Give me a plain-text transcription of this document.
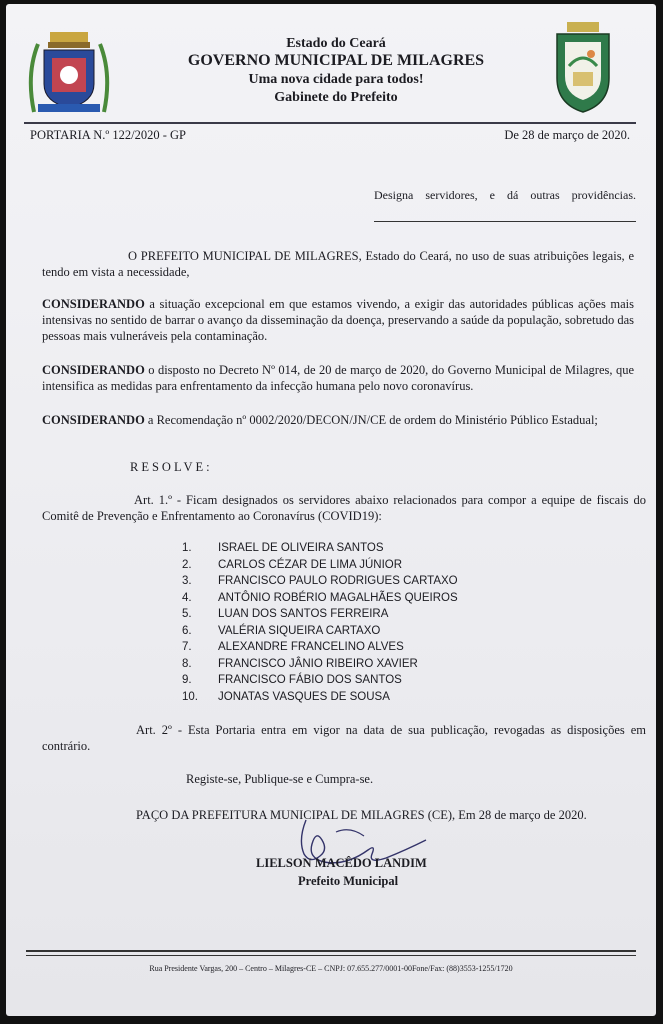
Estado do Ceará
GOVERNO MUNICIPAL DE MILAGRES
Uma nova cidade para todos!
Gabinete do Prefeito
PORTARIA N.º 122/2020 - GP	De 28 de março de 2020.
Designa servidores, e dá outras providências.
O PREFEITO MUNICIPAL DE MILAGRES, Estado do Ceará, no uso de suas atribuições legais, e tendo em vista a necessidade,
CONSIDERANDO a situação excepcional em que estamos vivendo, a exigir das autoridades públicas ações mais intensivas no sentido de barrar o avanço da disseminação da doença, preservando a saúde da população, sobretudo das pessoas mais vulneráveis pela contaminação.
CONSIDERANDO o disposto no Decreto Nº 014, de 20 de março de 2020, do Governo Municipal de Milagres, que intensifica as medidas para enfrentamento da infecção humana pelo novo coronavírus.
CONSIDERANDO a Recomendação nº 0002/2020/DECON/JN/CE de ordem do Ministério Público Estadual;
RESOLVE:
Art. 1.º - Ficam designados os servidores abaixo relacionados para compor a equipe de fiscais do Comitê de Prevenção e Enfrentamento ao Coronavírus (COVID19):
1.	ISRAEL DE OLIVEIRA SANTOS
2.	CARLOS CÉZAR DE LIMA JÚNIOR
3.	FRANCISCO PAULO RODRIGUES CARTAXO
4.	ANTÔNIO ROBÉRIO MAGALHÃES QUEIROS
5.	LUAN DOS SANTOS FERREIRA
6.	VALÉRIA SIQUEIRA CARTAXO
7.	ALEXANDRE FRANCELINO ALVES
8.	FRANCISCO JÂNIO RIBEIRO XAVIER
9.	FRANCISCO FÁBIO DOS SANTOS
10.	JONATAS VASQUES DE SOUSA
Art. 2º - Esta Portaria entra em vigor na data de sua publicação, revogadas as disposições em contrário.
Registe-se, Publique-se e Cumpra-se.
PAÇO DA PREFEITURA MUNICIPAL DE MILAGRES (CE), Em 28 de março de 2020.
LIELSON MACÊDO LANDIM
Prefeito Municipal
Rua Presidente Vargas, 200 – Centro – Milagres-CE – CNPJ: 07.655.277/0001-00Fone/Fax: (88)3553-1255/1720
